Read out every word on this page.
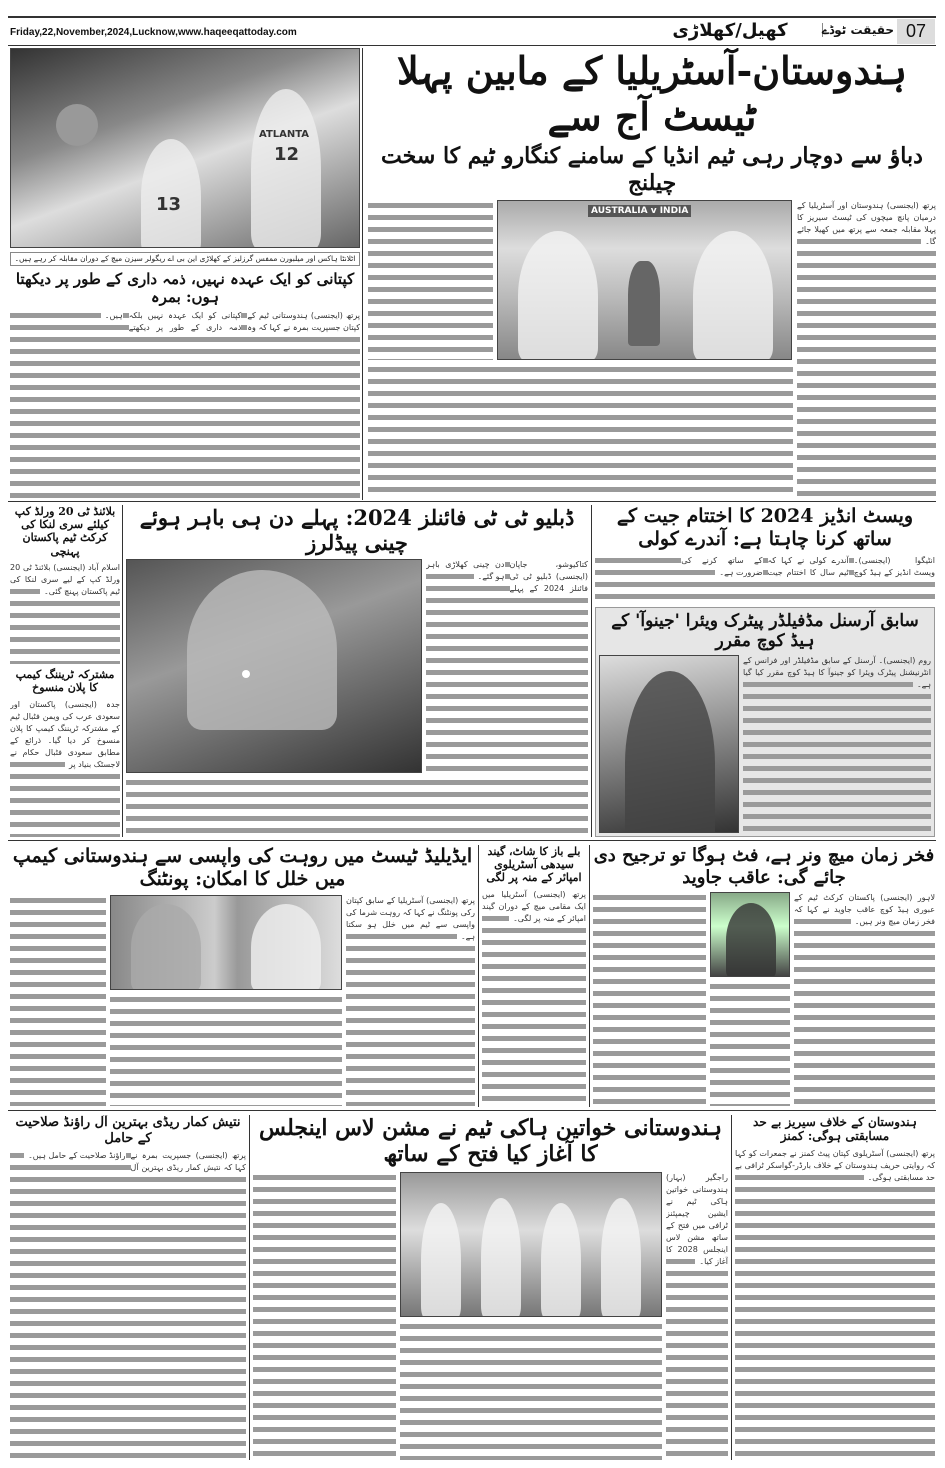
Friday,22,November,2024,Lucknow,www.haqeeqattoday.com	کھیل/کھلاڑی	حقیقت ٹوڈے 07
ATLANTA
12
13
اٹلانٹا ہاکس اور میلبورن ممفس گرزلیز کے کھلاڑی این بی اے ریگولر سیزن میچ کے دوران مقابلہ کر رہے ہیں۔
کپتانی کو ایک عہدہ نہیں، ذمہ داری کے طور پر دیکھتا ہوں: بمرہ
پرتھ (ایجنسی) ہندوستانی ٹیم کے کپتان جسپریت بمرہ نے کہا کہ وہ کپتانی کو ایک عہدہ نہیں بلکہ ذمہ داری کے طور پر دیکھتے ہیں۔
ہندوستان-آسٹریلیا کے مابین پہلا ٹیسٹ آج سے
دباؤ سے دوچار رہی ٹیم انڈیا کے سامنے کنگارو ٹیم کا سخت چیلنج
AUSTRALIA v INDIA
پرتھ (ایجنسی) ہندوستان اور آسٹریلیا کے درمیان پانچ میچوں کی ٹیسٹ سیریز کا پہلا مقابلہ جمعہ سے پرتھ میں کھیلا جائے گا۔
بلائنڈ ٹی 20 ورلڈ کپ کیلئے سری لنکا کی کرکٹ ٹیم پاکستان پہنچی
اسلام آباد (ایجنسی) بلائنڈ ٹی 20 ورلڈ کپ کے لیے سری لنکا کی ٹیم پاکستان پہنچ گئی۔
مشترکہ ٹریننگ کیمپ کا پلان منسوخ
جدہ (ایجنسی) پاکستان اور سعودی عرب کی ویمن فٹبال ٹیم کے مشترکہ ٹریننگ کیمپ کا پلان منسوخ کر دیا گیا۔ ذرائع کے مطابق سعودی فٹبال حکام نے لاجسٹک بنیاد پر
ڈبلیو ٹی ٹی فائنلز 2024: پہلے دن ہی باہر ہوئے چینی پیڈلرز
کتاکیوشو، جاپان (ایجنسی) ڈبلیو ٹی ٹی فائنلز 2024 کے پہلے دن چینی کھلاڑی باہر ہو گئے۔
ویسٹ انڈیز 2024 کا اختتام جیت کے ساتھ کرنا چاہتا ہے: آندرے کولی
انٹیگوا (ایجنسی)۔ ویسٹ انڈیز کے ہیڈ کوچ آندرے کولی نے کہا کہ ٹیم سال کا اختتام جیت کے ساتھ کرنے کی ضرورت ہے۔
سابق آرسنل مڈفیلڈر پیٹرک ویئرا 'جینوآ' کے ہیڈ کوچ مقرر
روم (ایجنسی)۔ آرسنل کے سابق مڈفیلڈر اور فرانس کے انٹرنیشنل پیٹرک ویئرا کو جینوآ کا ہیڈ کوچ مقرر کیا گیا ہے۔
ایڈیلیڈ ٹیسٹ میں روہت کی واپسی سے ہندوستانی کیمپ میں خلل کا امکان: پونٹنگ
پرتھ (ایجنسی) آسٹریلیا کے سابق کپتان رکی پونٹنگ نے کہا کہ روہت شرما کی واپسی سے ٹیم میں خلل ہو سکتا ہے۔
بلے باز کا شاٹ، گیند سیدھی آسٹریلوی امپائر کے منہ پر لگی
پرتھ (ایجنسی) آسٹریلیا میں ایک مقامی میچ کے دوران گیند امپائر کے منہ پر لگی۔
فخر زمان میچ ونر ہے، فٹ ہوگا تو ترجیح دی جائے گی: عاقب جاوید
لاہور (ایجنسی) پاکستان کرکٹ ٹیم کے عبوری ہیڈ کوچ عاقب جاوید نے کہا کہ فخر زمان میچ ونر ہیں۔
نتیش کمار ریڈی بہترین آل راؤنڈ صلاحیت کے حامل
پرتھ (ایجنسی) جسپریت بمرہ نے کہا کہ نتیش کمار ریڈی بہترین آل راؤنڈ صلاحیت کے حامل ہیں۔
ہندوستانی خواتین ہاکی ٹیم نے مشن لاس اینجلس کا آغاز کیا فتح کے ساتھ
راجگیر (بہار) ہندوستانی خواتین ہاکی ٹیم نے ایشین چیمپئنز ٹرافی میں فتح کے ساتھ مشن لاس اینجلس 2028 کا آغاز کیا۔
ہندوستان کے خلاف سیریز بے حد مسابقتی ہوگی: کمنز
پرتھ (ایجنسی) آسٹریلوی کپتان پیٹ کمنز نے جمعرات کو کہا کہ روایتی حریف ہندوستان کے خلاف بارڈر-گواسکر ٹرافی بے حد مسابقتی ہوگی۔
